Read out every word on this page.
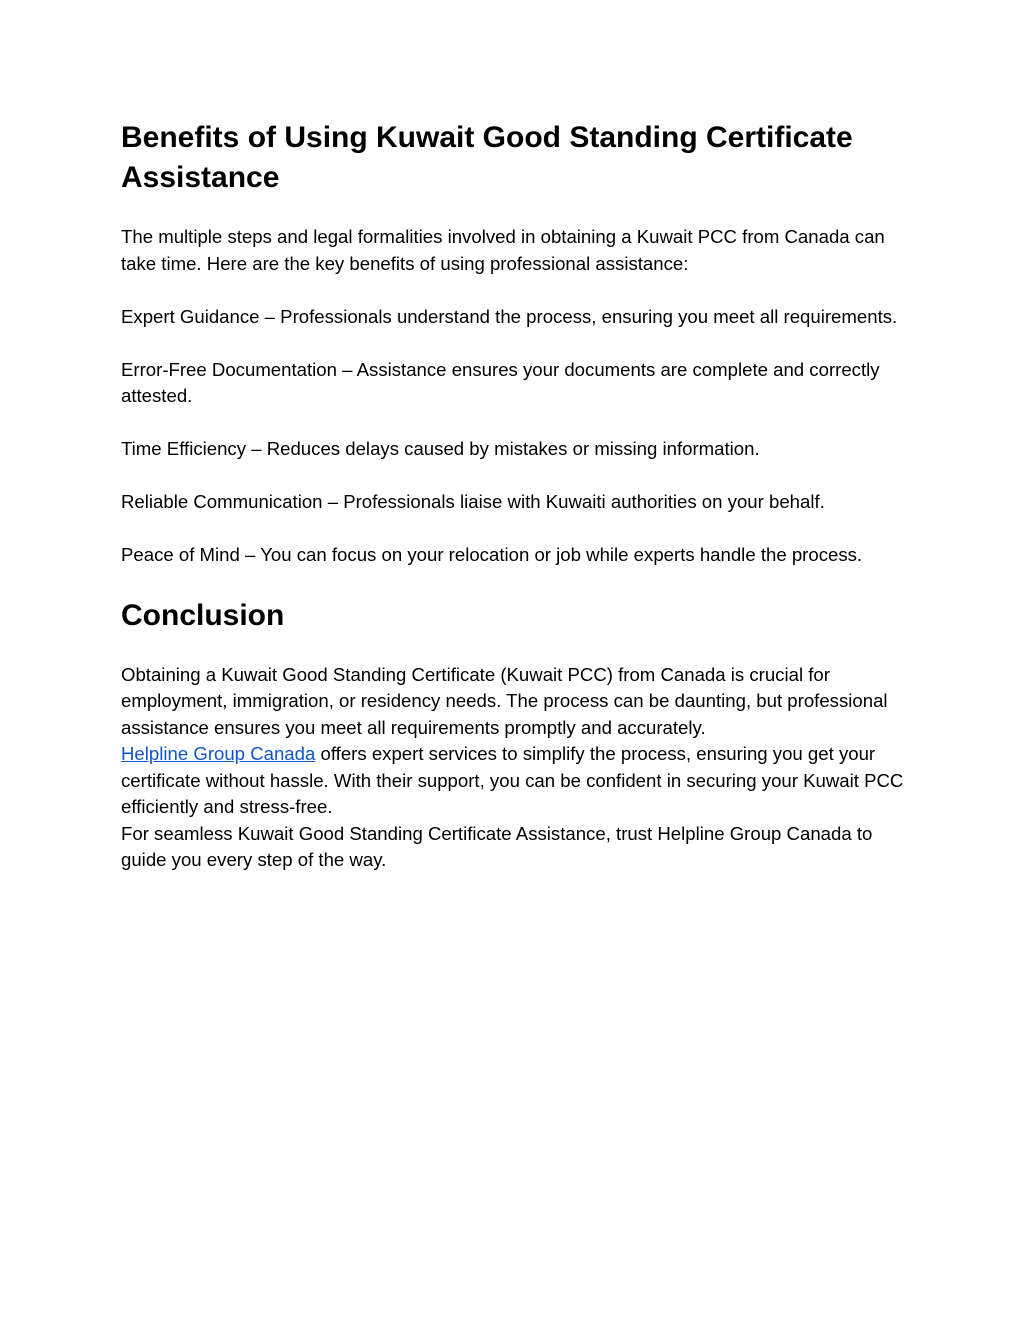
Benefits of Using Kuwait Good Standing Certificate Assistance

The multiple steps and legal formalities involved in obtaining a Kuwait PCC from Canada can take time. Here are the key benefits of using professional assistance:

Expert Guidance – Professionals understand the process, ensuring you meet all requirements.

Error-Free Documentation – Assistance ensures your documents are complete and correctly attested.

Time Efficiency – Reduces delays caused by mistakes or missing information.

Reliable Communication – Professionals liaise with Kuwaiti authorities on your behalf.

Peace of Mind – You can focus on your relocation or job while experts handle the process.

Conclusion

Obtaining a Kuwait Good Standing Certificate (Kuwait PCC) from Canada is crucial for employment, immigration, or residency needs. The process can be daunting, but professional assistance ensures you meet all requirements promptly and accurately.
Helpline Group Canada offers expert services to simplify the process, ensuring you get your certificate without hassle. With their support, you can be confident in securing your Kuwait PCC efficiently and stress-free.
For seamless Kuwait Good Standing Certificate Assistance, trust Helpline Group Canada to guide you every step of the way.
